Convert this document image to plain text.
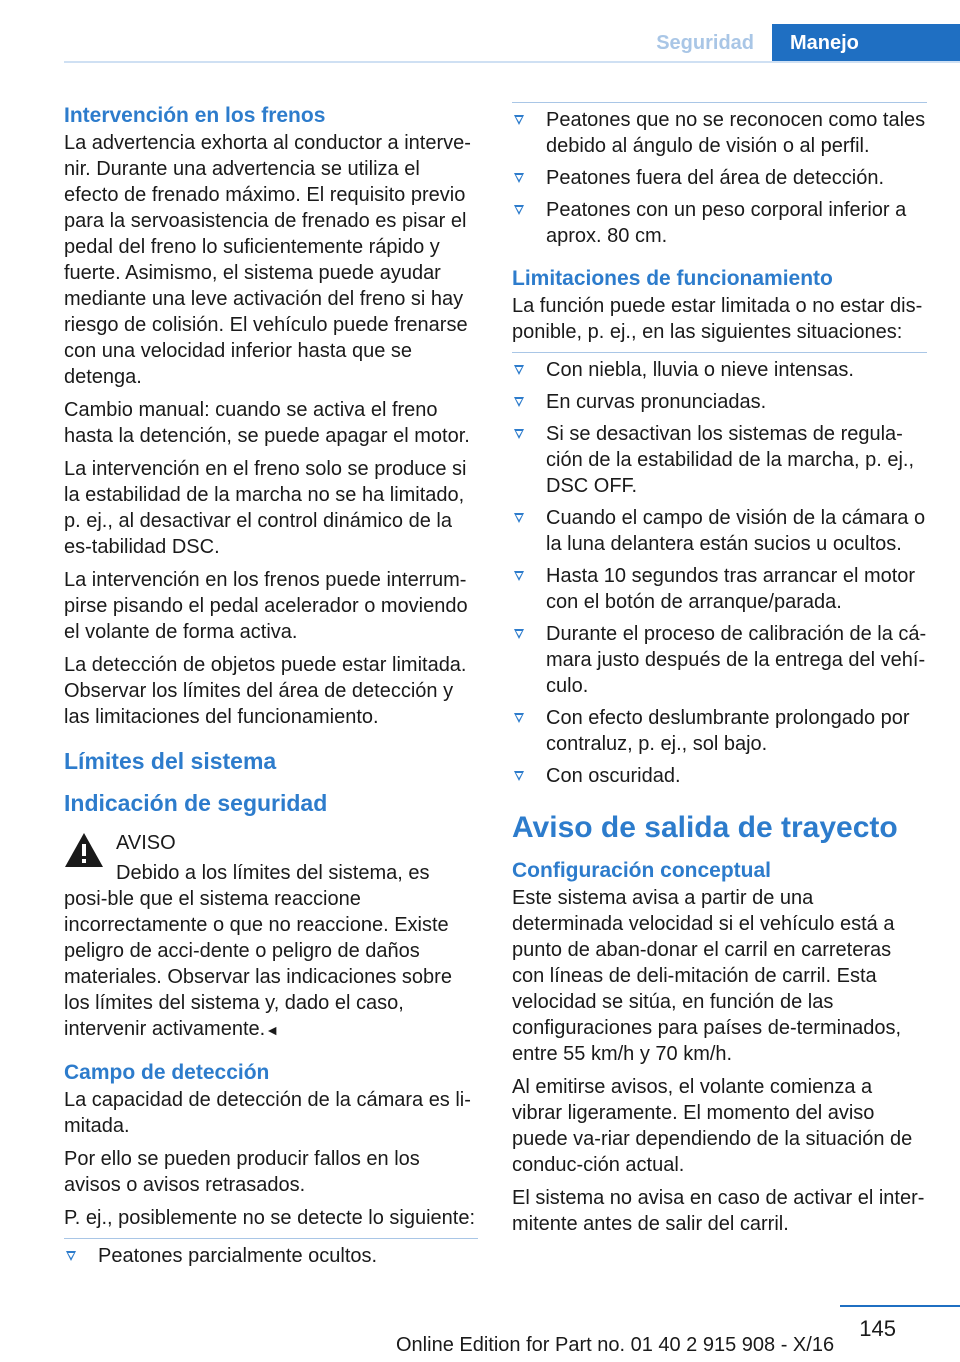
Seguridad	Manejo
Intervención en los frenos

La advertencia exhorta al conductor a interve-nir. Durante una advertencia se utiliza el efecto de frenado máximo. El requisito previo para la servoasistencia de frenado es pisar el pedal del freno lo suficientemente rápido y fuerte. Asimismo, el sistema puede ayudar mediante una leve activación del freno si hay riesgo de colisión. El vehículo puede frenarse con una velocidad inferior hasta que se detenga.

Cambio manual: cuando se activa el freno hasta la detención, se puede apagar el motor.

La intervención en el freno solo se produce si la estabilidad de la marcha no se ha limitado, p. ej., al desactivar el control dinámico de la es-tabilidad DSC.

La intervención en los frenos puede interrum-pirse pisando el pedal acelerador o moviendo el volante de forma activa.

La detección de objetos puede estar limitada. Observar los límites del área de detección y las limitaciones del funcionamiento.

Límites del sistema
Indicación de seguridad

AVISO

Debido a los límites del sistema, es posi-ble que el sistema reaccione incorrectamente o que no reaccione. Existe peligro de acci-dente o peligro de daños materiales. Observar las indicaciones sobre los límites del sistema y, dado el caso, intervenir activamente.◄

Campo de detección

La capacidad de detección de la cámara es li-mitada.

Por ello se pueden producir fallos en los avisos o avisos retrasados.

P. ej., posiblemente no se detecte lo siguiente:

Peatones parcialmente ocultos.
Peatones que no se reconocen como tales debido al ángulo de visión o al perfil.
Peatones fuera del área de detección.
Peatones con un peso corporal inferior a aprox. 80 cm.
Limitaciones de funcionamiento

La función puede estar limitada o no estar dis-ponible, p. ej., en las siguientes situaciones:

Con niebla, lluvia o nieve intensas.
En curvas pronunciadas.
Si se desactivan los sistemas de regula-ción de la estabilidad de la marcha, p. ej., DSC OFF.
Cuando el campo de visión de la cámara o la luna delantera están sucios u ocultos.
Hasta 10 segundos tras arrancar el motor con el botón de arranque/parada.
Durante el proceso de calibración de la cá-mara justo después de la entrega del vehí-culo.
Con efecto deslumbrante prolongado por contraluz, p. ej., sol bajo.
Con oscuridad.
Aviso de salida de trayecto
Configuración conceptual

Este sistema avisa a partir de una determinada velocidad si el vehículo está a punto de aban-donar el carril en carreteras con líneas de deli-mitación de carril. Esta velocidad se sitúa, en función de las configuraciones para países de-terminados, entre 55 km/h y 70 km/h.

Al emitirse avisos, el volante comienza a vibrar ligeramente. El momento del aviso puede va-riar dependiendo de la situación de conduc-ción actual.

El sistema no avisa en caso de activar el inter-mitente antes de salir del carril.

145
Online Edition for Part no. 01 40 2 915 908 - X/16
